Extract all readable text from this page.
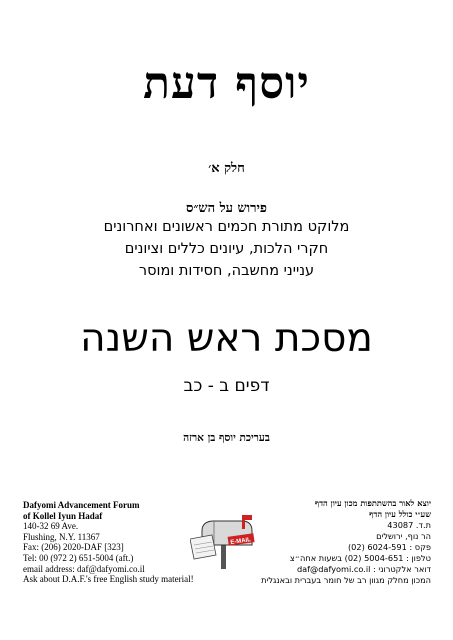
יוסף דעת
חלק א׳
פירוש על הש״ס
מלוקט מתורת חכמים ראשונים ואחרונים
חקרי הלכות, עיונים כללים וציונים
ענייני מחשבה, חסידות ומוסר
מסכת ראש השנה
דפים ב - כב
בעריכת יוסף בן ארזה
Dafyomi Advancement Forum
of Kollel Iyun Hadaf
140-32 69 Ave.
Flushing, N.Y. 11367
Fax: (206) 2020-DAF [323]
Tel: 00 (972 2) 651-5004 (aft.)
email address: daf@dafyomi.co.il
Ask about D.A.F.'s free English study material!
E-MAIL
יוצא לאור בהשתתפות מכון עיון הדף
שע״י כולל עיון הדף
ת.ד. 43087
הר נוף, ירושלים
פקס : 6024-591 (02)
טלפון : 5004-651 (02) בשעות אחה״צ
דואר אלקטרוני : daf@dafyomi.co.il
המכון מחלק מגוון רב של חומר בעברית ובאנגלית
